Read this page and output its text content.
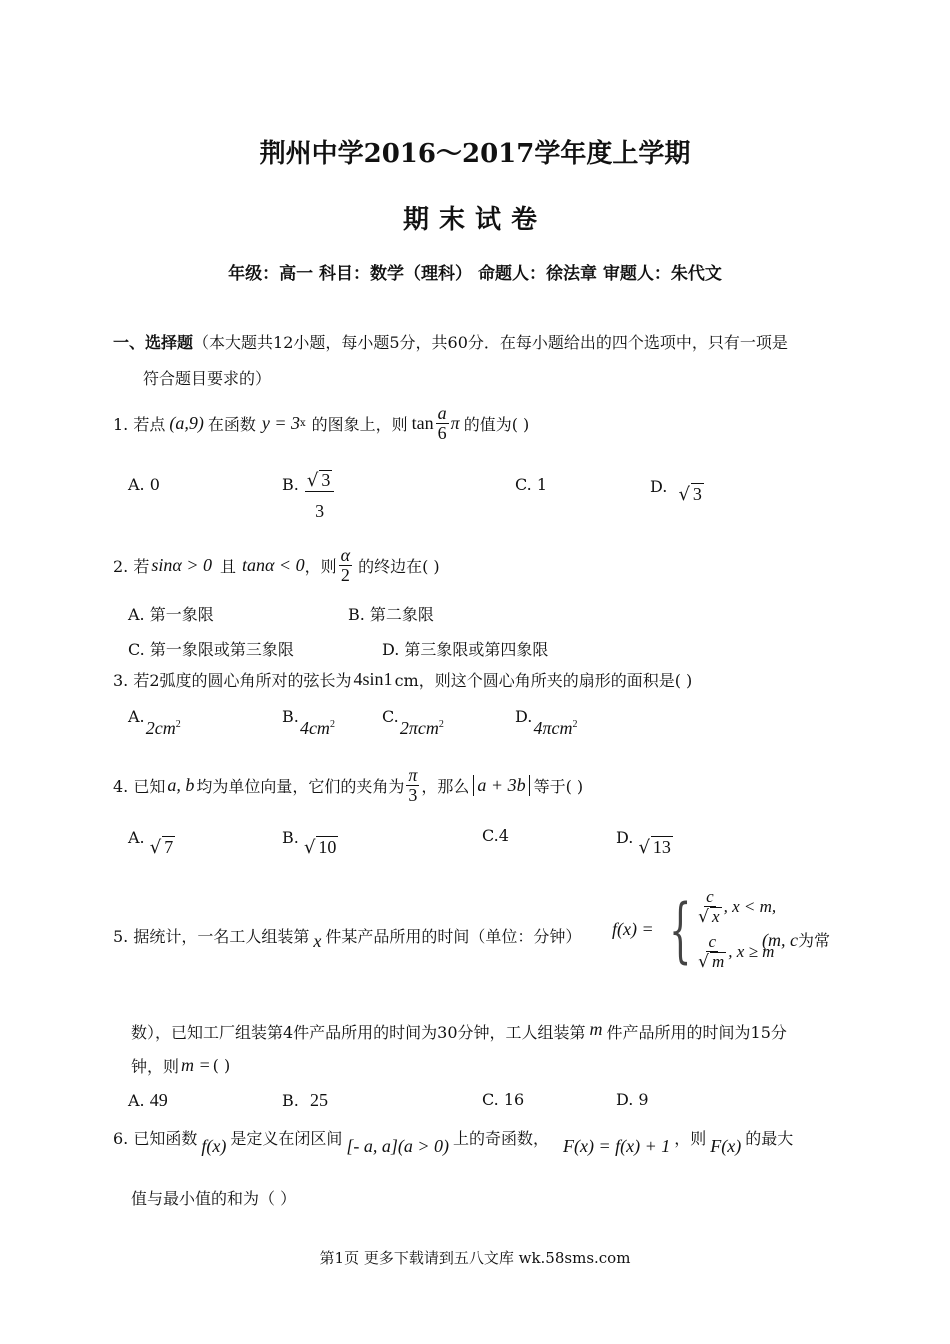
荆州中学2016～2017学年度上学期
期末试卷
年级：高一 科目：数学（理科） 命题人：徐法章 审题人：朱代文
一、选择题（本大题共12小题，每小题5分，共60分．在每小题给出的四个选项中，只有一项是
符合题目要求的）
1. 若点 (a,9) 在函数 y = 3 x 的图象上，则 $\tan \frac{a}{6}$ π 的值为( )
A. 0	B. $\frac{√ 3}{3}$	C. 1	D. √ 3
2. 若 sinα > 0 且 tanα < 0 ，则 $\frac{\alpha}{2}$ 的终边在( )
A. 第一象限	B. 第二象限
C. 第一象限或第三象限	D. 第三象限或第四象限
3. 若2弧度的圆心角所对的弦长为 4sin1 cm，则这个圆心角所夹的扇形的面积是( )
A. $2cm^2$	B. $4cm^2$	C. 2πcm$^2$	D. 4πcm$^2$
4. 已知 a, b 均为单位向量，它们的夹角为 $\frac{\pi}{3}$ ，那么 a + 3b 等于( )
A. √ 7	B. √ 10
C.4	D. √ 13
5. 据统计，一名工人组装第 x 件某产品所用的时间（单位：分钟） f(x) = { $\frac{c}{√ x}$ , x < m,
$\frac{c}{√ m}$ , x ≥ m
(m, c为常
数），已知工厂组装第4件产品所用的时间为30分钟，工人组装第 m 件产品所用的时间为15分
钟，则 m = ( )
A. 49	B. 25	C. 16	D. 9
6. 已知函数 f(x) 是定义在闭区间 [- a, a](a > 0) 上的奇函数， F(x) = f(x) + 1 ，则 F(x) 的最大
值与最小值的和为（ ）
第1页 更多下载请到五八文库 wk.58sms.com
